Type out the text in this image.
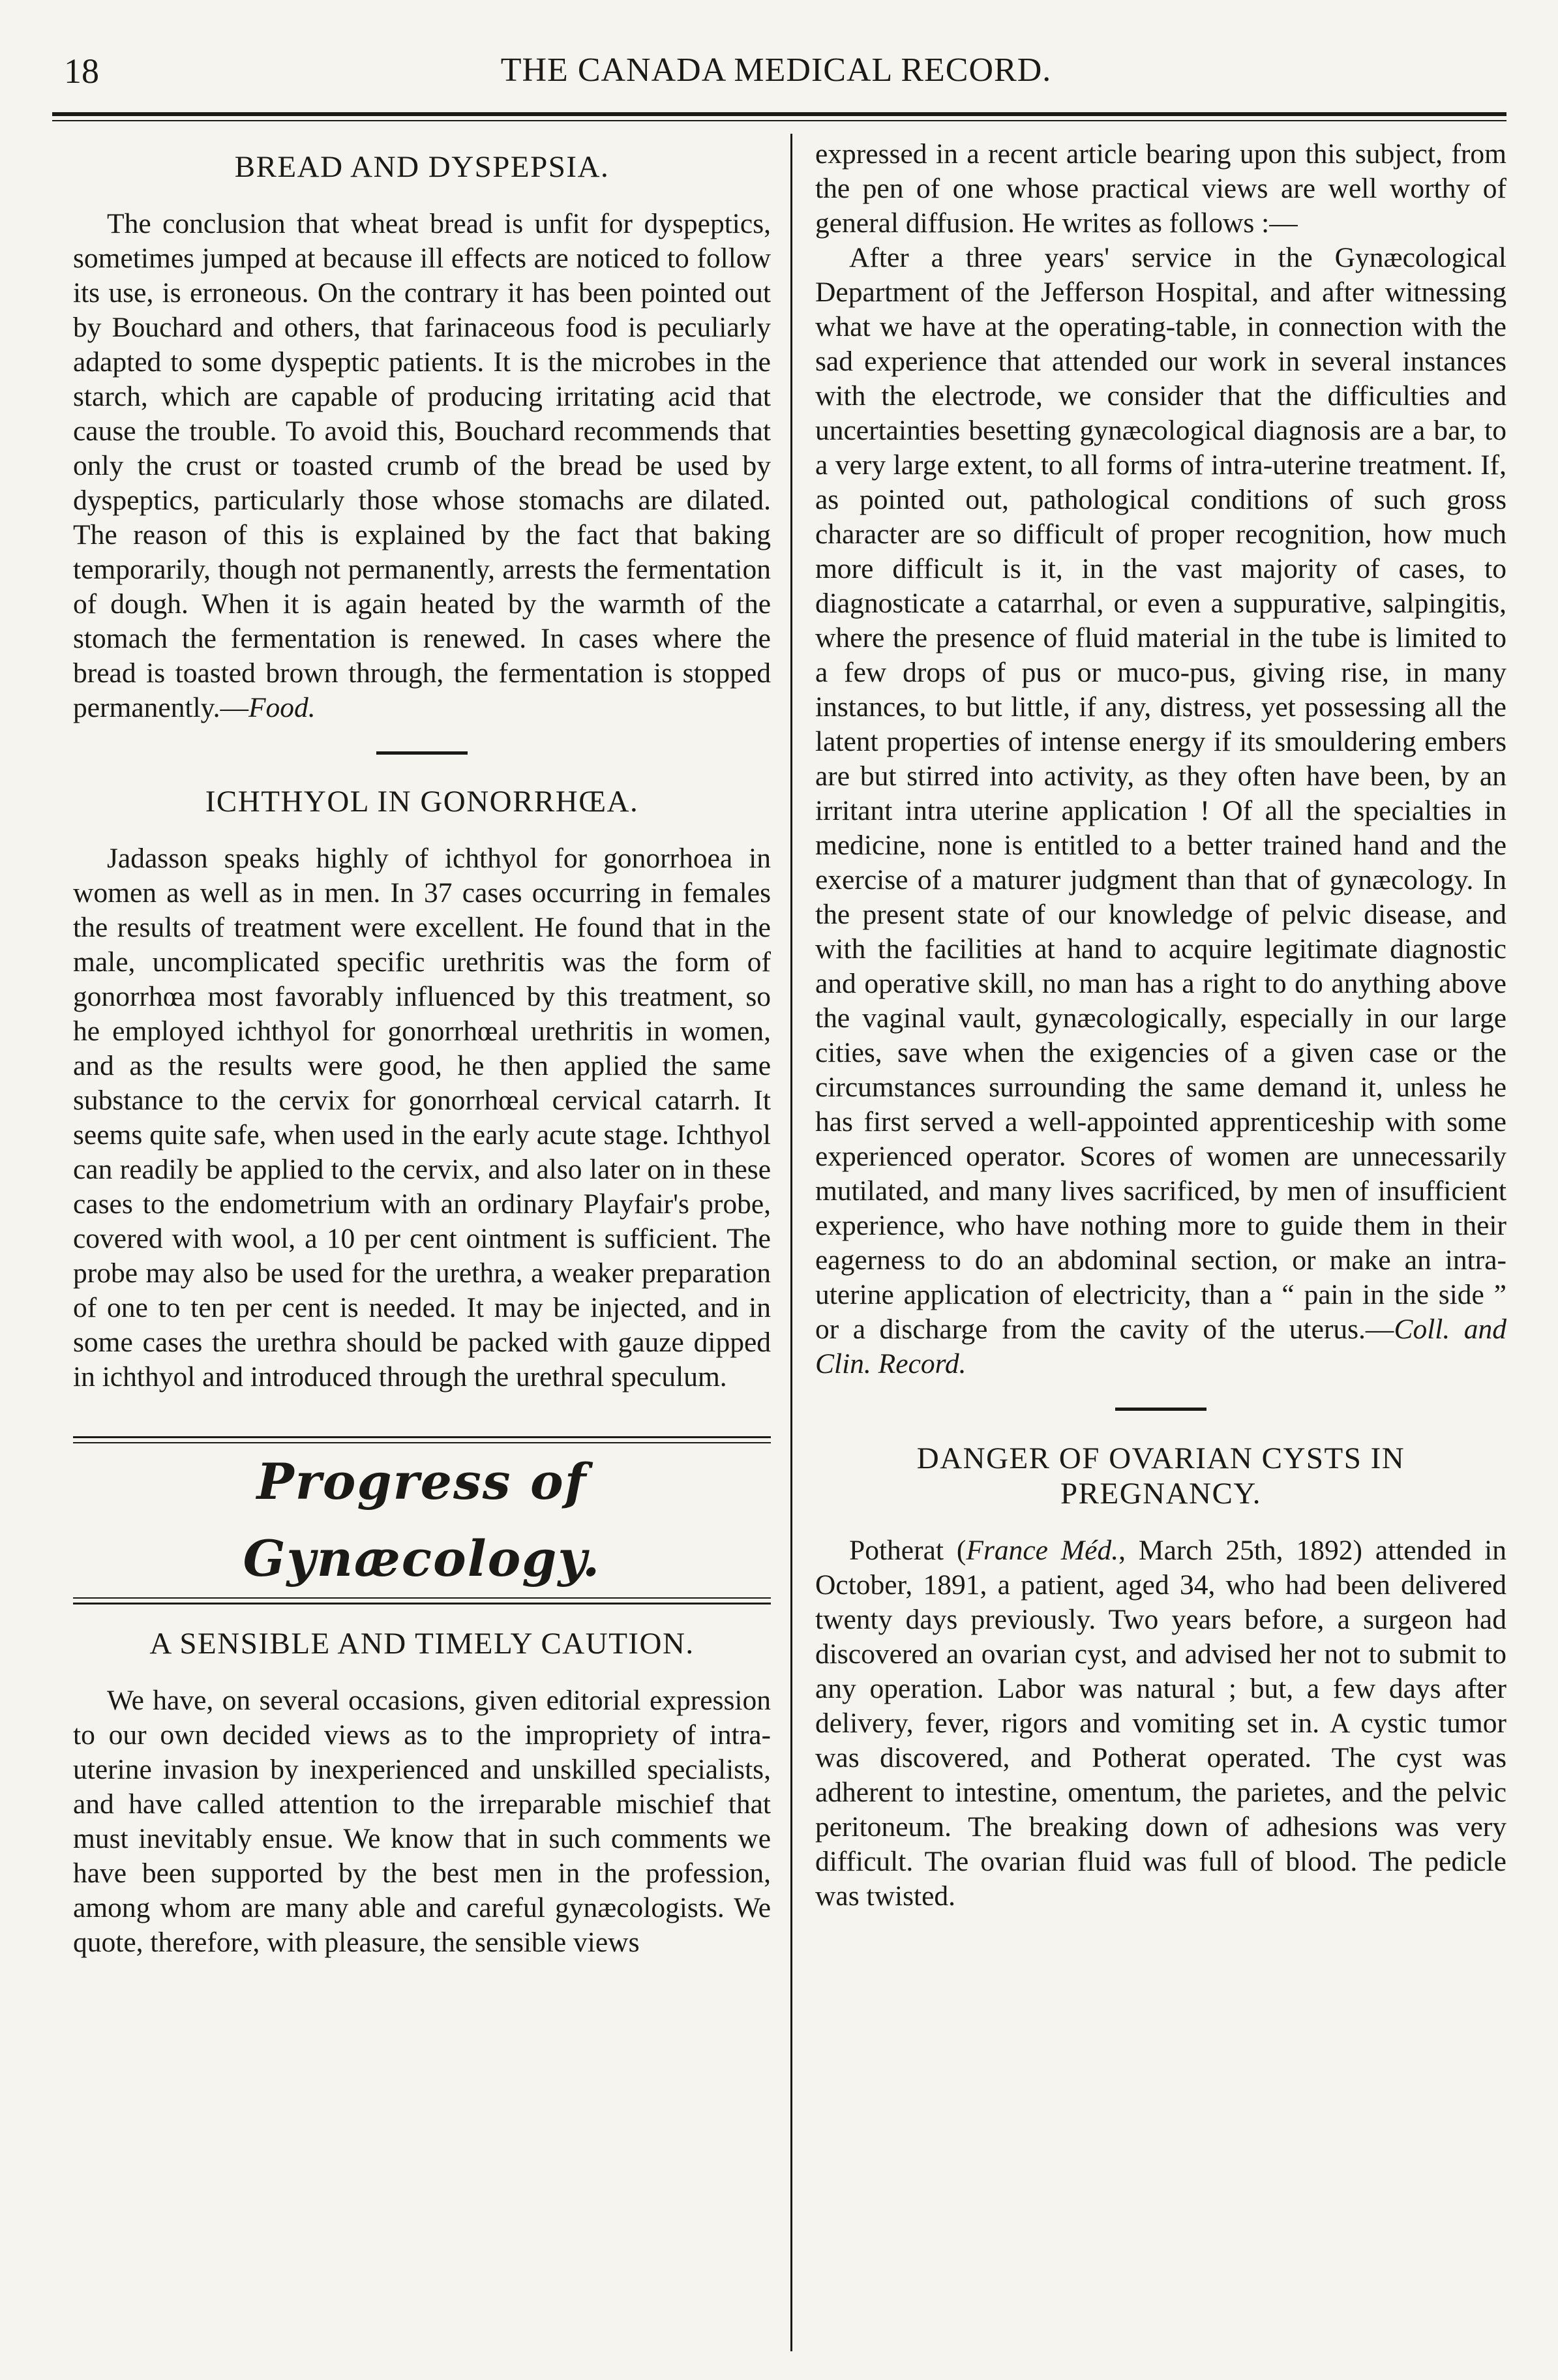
18	THE CANADA MEDICAL RECORD.
BREAD AND DYSPEPSIA.

The conclusion that wheat bread is unfit for dyspeptics, sometimes jumped at because ill effects are noticed to follow its use, is erroneous. On the contrary it has been pointed out by Bouchard and others, that farinaceous food is peculiarly adapted to some dyspeptic patients. It is the microbes in the starch, which are capable of producing irritating acid that cause the trouble. To avoid this, Bouchard recommends that only the crust or toasted crumb of the bread be used by dyspeptics, particularly those whose stomachs are dilated. The reason of this is explained by the fact that baking temporarily, though not permanently, arrests the fermentation of dough. When it is again heated by the warmth of the stomach the fermentation is renewed. In cases where the bread is toasted brown through, the fermentation is stopped permanently.—Food.

ICHTHYOL IN GONORRHŒA.

Jadasson speaks highly of ichthyol for gonorrhoea in women as well as in men. In 37 cases occurring in females the results of treatment were excellent. He found that in the male, uncomplicated specific urethritis was the form of gonorrhœa most favorably influenced by this treatment, so he employed ichthyol for gonorrhœal urethritis in women, and as the results were good, he then applied the same substance to the cervix for gonorrhœal cervical catarrh. It seems quite safe, when used in the early acute stage. Ichthyol can readily be applied to the cervix, and also later on in these cases to the endometrium with an ordinary Playfair's probe, covered with wool, a 10 per cent ointment is sufficient. The probe may also be used for the urethra, a weaker preparation of one to ten per cent is needed. It may be injected, and in some cases the urethra should be packed with gauze dipped in ichthyol and introduced through the urethral speculum.

Progress of Gynæcology.
A SENSIBLE AND TIMELY CAUTION.

We have, on several occasions, given editorial expression to our own decided views as to the impropriety of intra-uterine invasion by inexperienced and unskilled specialists, and have called attention to the irreparable mischief that must inevitably ensue. We know that in such comments we have been supported by the best men in the profession, among whom are many able and careful gynæcologists. We quote, therefore, with pleasure, the sensible views

expressed in a recent article bearing upon this subject, from the pen of one whose practical views are well worthy of general diffusion. He writes as follows :—

After a three years' service in the Gynæcological Department of the Jefferson Hospital, and after witnessing what we have at the operating-table, in connection with the sad experience that attended our work in several instances with the electrode, we consider that the difficulties and uncertainties besetting gynæcological diagnosis are a bar, to a very large extent, to all forms of intra-uterine treatment. If, as pointed out, pathological conditions of such gross character are so difficult of proper recognition, how much more difficult is it, in the vast majority of cases, to diagnosticate a catarrhal, or even a suppurative, salpingitis, where the presence of fluid material in the tube is limited to a few drops of pus or muco-pus, giving rise, in many instances, to but little, if any, distress, yet possessing all the latent properties of intense energy if its smouldering embers are but stirred into activity, as they often have been, by an irritant intra uterine application ! Of all the specialties in medicine, none is entitled to a better trained hand and the exercise of a maturer judgment than that of gynæcology. In the present state of our knowledge of pelvic disease, and with the facilities at hand to acquire legitimate diagnostic and operative skill, no man has a right to do anything above the vaginal vault, gynæcologically, especially in our large cities, save when the exigencies of a given case or the circumstances surrounding the same demand it, unless he has first served a well-appointed apprenticeship with some experienced operator. Scores of women are unnecessarily mutilated, and many lives sacrificed, by men of insufficient experience, who have nothing more to guide them in their eagerness to do an abdominal section, or make an intra-uterine application of electricity, than a “ pain in the side ” or a discharge from the cavity of the uterus.—Coll. and Clin. Record.

DANGER OF OVARIAN CYSTS IN
PREGNANCY.

Potherat (France Méd., March 25th, 1892) attended in October, 1891, a patient, aged 34, who had been delivered twenty days previously. Two years before, a surgeon had discovered an ovarian cyst, and advised her not to submit to any operation. Labor was natural ; but, a few days after delivery, fever, rigors and vomiting set in. A cystic tumor was discovered, and Potherat operated. The cyst was adherent to intestine, omentum, the parietes, and the pelvic peritoneum. The breaking down of adhesions was very difficult. The ovarian fluid was full of blood. The pedicle was twisted.
